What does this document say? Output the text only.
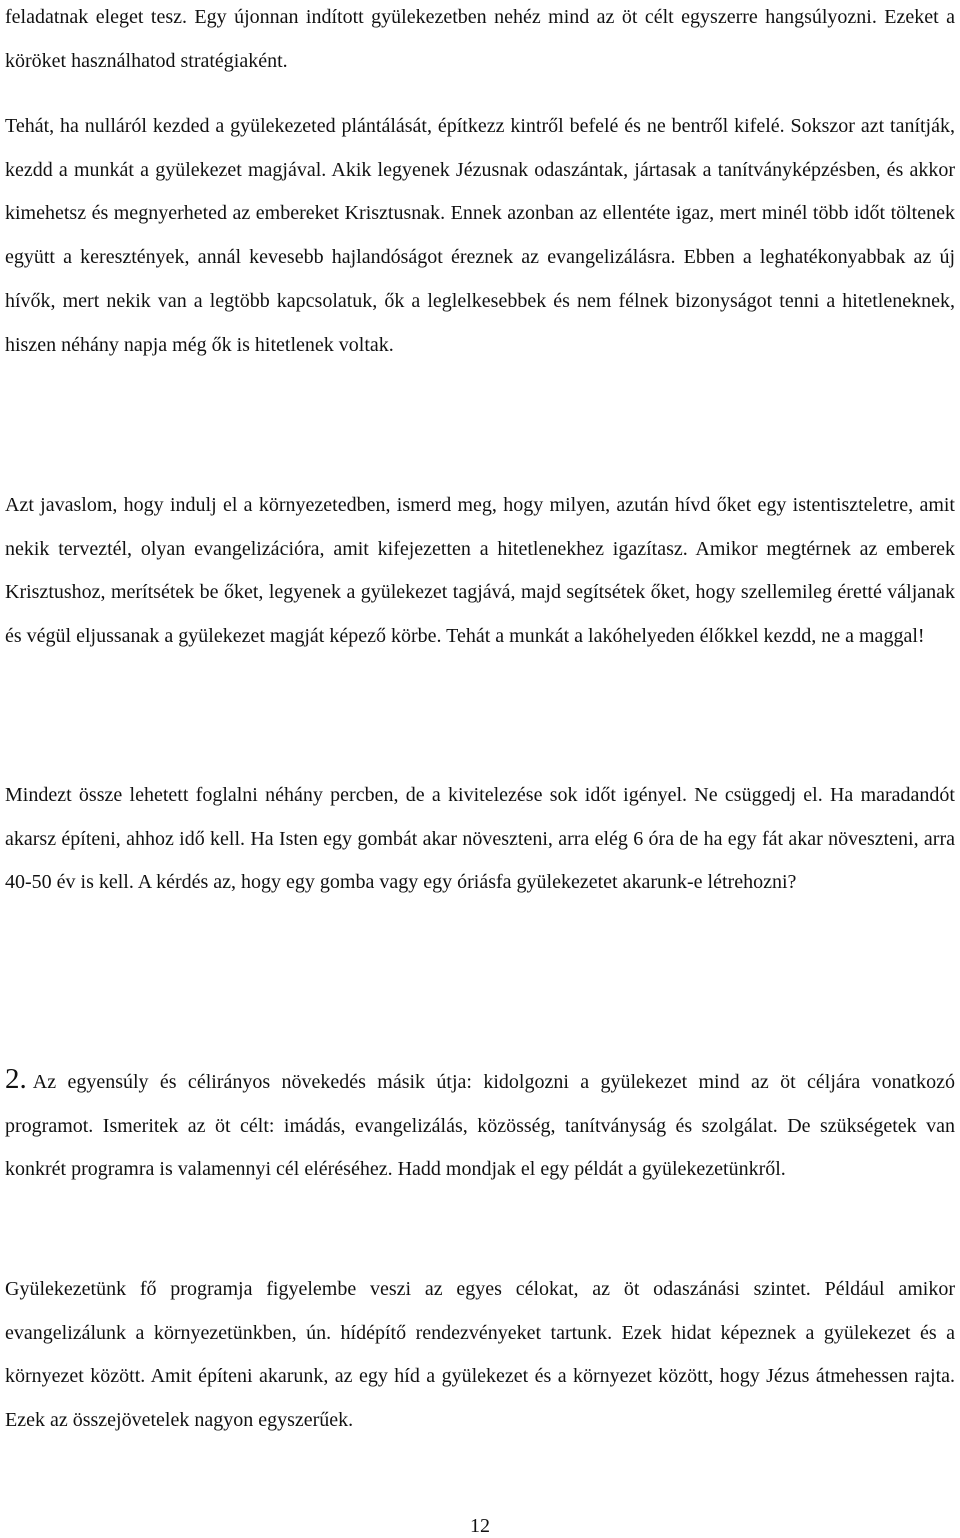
feladatnak eleget tesz. Egy újonnan indított gyülekezetben nehéz mind az öt célt egyszerre hangsúlyozni. Ezeket a köröket használhatod stratégiaként.

Tehát, ha nulláról kezded a gyülekezeted plántálását, építkezz kintről befelé és ne bentről kifelé. Sokszor azt tanítják, kezdd a munkát a gyülekezet magjával. Akik legyenek Jézusnak odaszántak, jártasak a tanítványképzésben, és akkor kimehetsz és megnyerheted az embereket Krisztusnak. Ennek azonban az ellentéte igaz, mert minél több időt töltenek együtt a keresztények, annál kevesebb hajlandóságot éreznek az evangelizálásra. Ebben a leghatékonyabbak az új hívők, mert nekik van a legtöbb kapcsolatuk, ők a leglelkesebbek és nem félnek bizonyságot tenni a hitetleneknek, hiszen néhány napja még ők is hitetlenek voltak.

Azt javaslom, hogy indulj el a környezetedben, ismerd meg, hogy milyen, azután hívd őket egy istentiszteletre, amit nekik terveztél, olyan evangelizációra, amit kifejezetten a hitetlenekhez igazítasz. Amikor megtérnek az emberek Krisztushoz, merítsétek be őket, legyenek a gyülekezet tagjává, majd segítsétek őket, hogy szellemileg éretté váljanak és végül eljussanak a gyülekezet magját képező körbe. Tehát a munkát a lakóhelyeden élőkkel kezdd, ne a maggal!

Mindezt össze lehetett foglalni néhány percben, de a kivitelezése sok időt igényel. Ne csüggedj el. Ha maradandót akarsz építeni, ahhoz idő kell. Ha Isten egy gombát akar növeszteni, arra elég 6 óra de ha egy fát akar növeszteni, arra 40-50 év is kell. A kérdés az, hogy egy gomba vagy egy óriásfa gyülekezetet akarunk-e létrehozni?

2. Az egyensúly és célirányos növekedés másik útja: kidolgozni a gyülekezet mind az öt céljára vonatkozó programot. Ismeritek az öt célt: imádás, evangelizálás, közösség, tanítványság és szolgálat. De szükségetek van konkrét programra is valamennyi cél eléréséhez. Hadd mondjak el egy példát a gyülekezetünkről.

Gyülekezetünk fő programja figyelembe veszi az egyes célokat, az öt odaszánási szintet. Például amikor evangelizálunk a környezetünkben, ún. hídépítő rendezvényeket tartunk. Ezek hidat képeznek a gyülekezet és a környezet között. Amit építeni akarunk, az egy híd a gyülekezet és a környezet között, hogy Jézus átmehessen rajta. Ezek az összejövetelek nagyon egyszerűek.

12
